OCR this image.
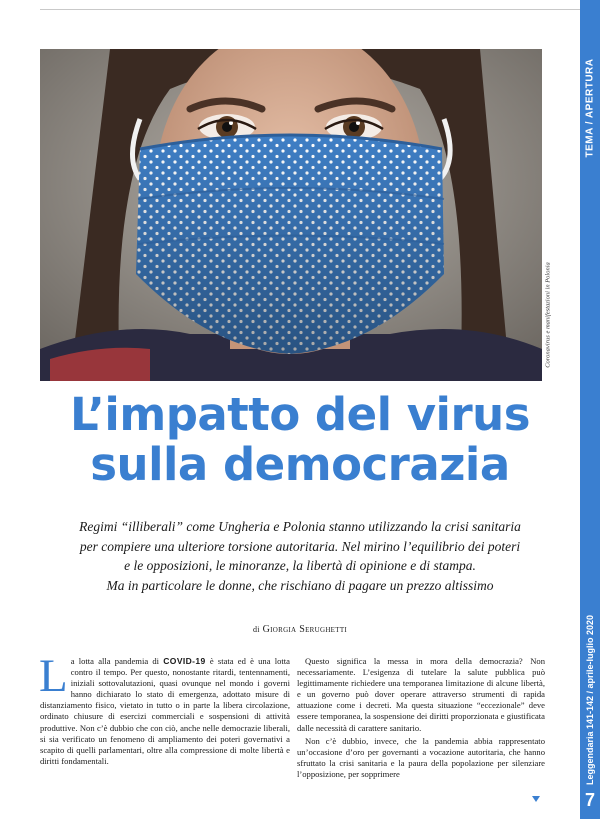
TEMA / APERTURA
Leggendaria 141-142 / aprile-luglio 2020
7
Coronavirus e manifestazioni in Polonia
L’impatto del virus
sulla democrazia
Regimi “illiberali” come Ungheria e Polonia stanno utilizzando la crisi sanitaria
per compiere una ulteriore torsione autoritaria. Nel mirino l’equilibrio dei poteri
e le opposizioni, le minoranze, la libertà di opinione e di stampa.
Ma in particolare le donne, che rischiano di pagare un prezzo altissimo
di Giorgia Serughetti

La lotta alla pandemia di COVID-19 è stata ed è una lotta contro il tempo. Per questo, nonostante ritardi, tentennamenti, iniziali sottovalutazioni, quasi ovunque nel mondo i governi hanno dichiarato lo stato di emergenza, adottato misure di distanziamento fisico, vietato in tutto o in parte la libera circolazione, ordinato chiusure di esercizi commerciali e sospensioni di attività produttive. Non c’è dubbio che con ciò, anche nelle democrazie liberali, si sia verificato un fenomeno di ampliamento dei poteri governativi a scapito di quelli parlamentari, oltre alla compressione di molte libertà e diritti fondamentali.

Questo significa la messa in mora della democrazia? Non necessariamente. L’esigenza di tutelare la salute pubblica può legittimamente richiedere una temporanea limitazione di alcune libertà, e un governo può dover operare attraverso strumenti di rapida attuazione come i decreti. Ma questa situazione “eccezionale” deve essere temporanea, la sospensione dei diritti proporzionata e giustificata dalle necessità di carattere sanitario.

Non c’è dubbio, invece, che la pandemia abbia rappresentato un’occasione d’oro per governanti a vocazione autoritaria, che hanno sfruttato la crisi sanitaria e la paura della popolazione per silenziare l’opposizione, per sopprimere
